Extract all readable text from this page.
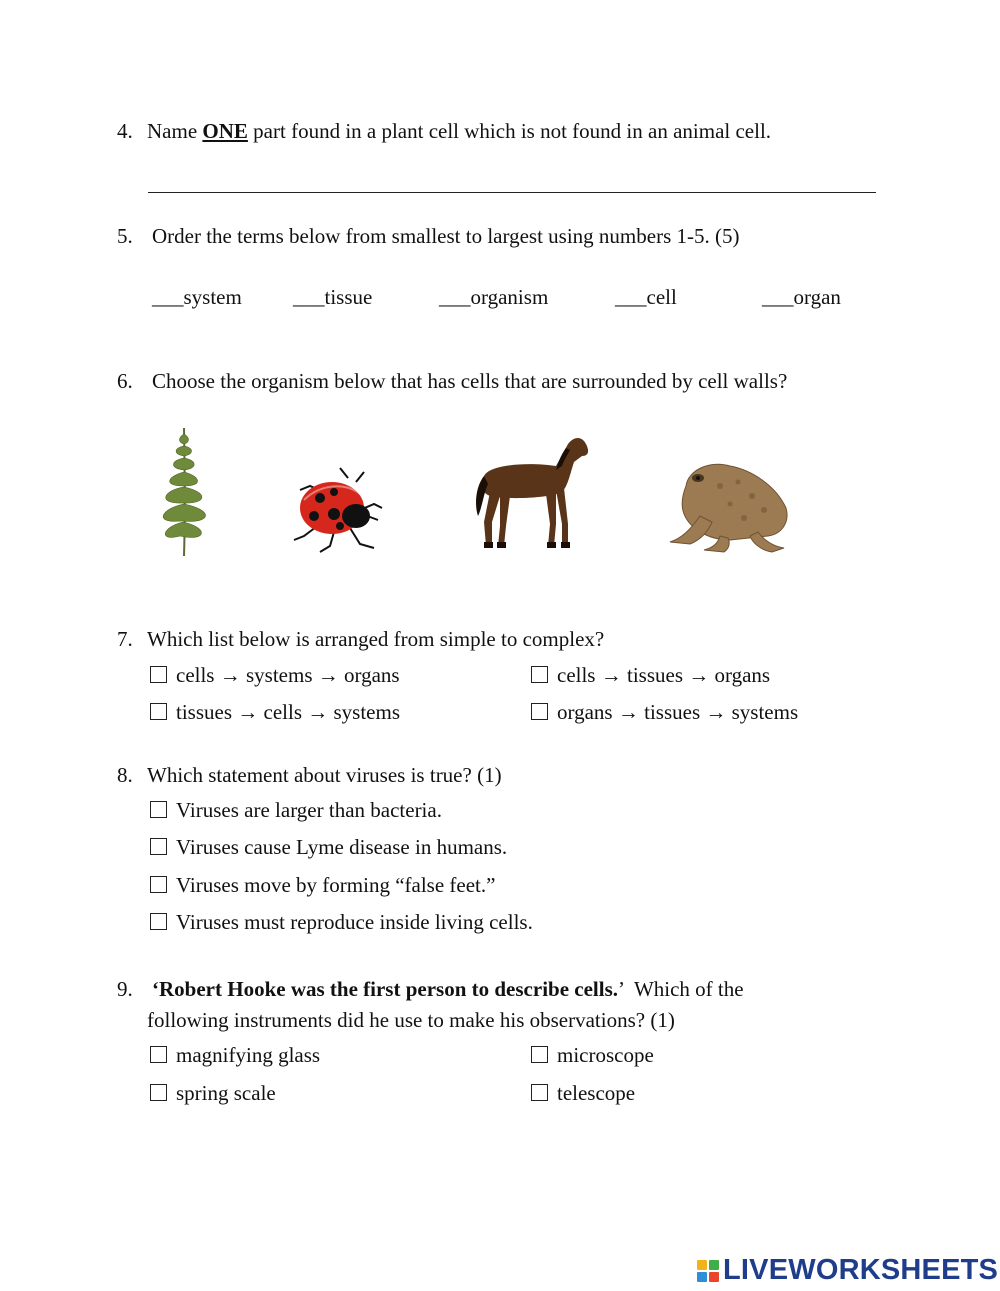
4. Name ONE part found in a plant cell which is not found in an animal cell.
5. Order the terms below from smallest to largest using numbers 1-5. (5)
___system ___tissue	___organism	___cell	___organ
6. Choose the organism below that has cells that are surrounded by cell walls?
7. Which list below is arranged from simple to complex?
cells → systems → organs	cells → tissues → organs
tissues → cells → systems	organs → tissues → systems
8. Which statement about viruses is true? (1)
Viruses are larger than bacteria.
Viruses cause Lyme disease in humans.
Viruses move by forming “false feet.”
Viruses must reproduce inside living cells.
9. ‘Robert Hooke was the first person to describe cells.’ Which of the
following instruments did he use to make his observations? (1)
magnifying glass	microscope
spring scale	telescope
LIVEWORKSHEETS
